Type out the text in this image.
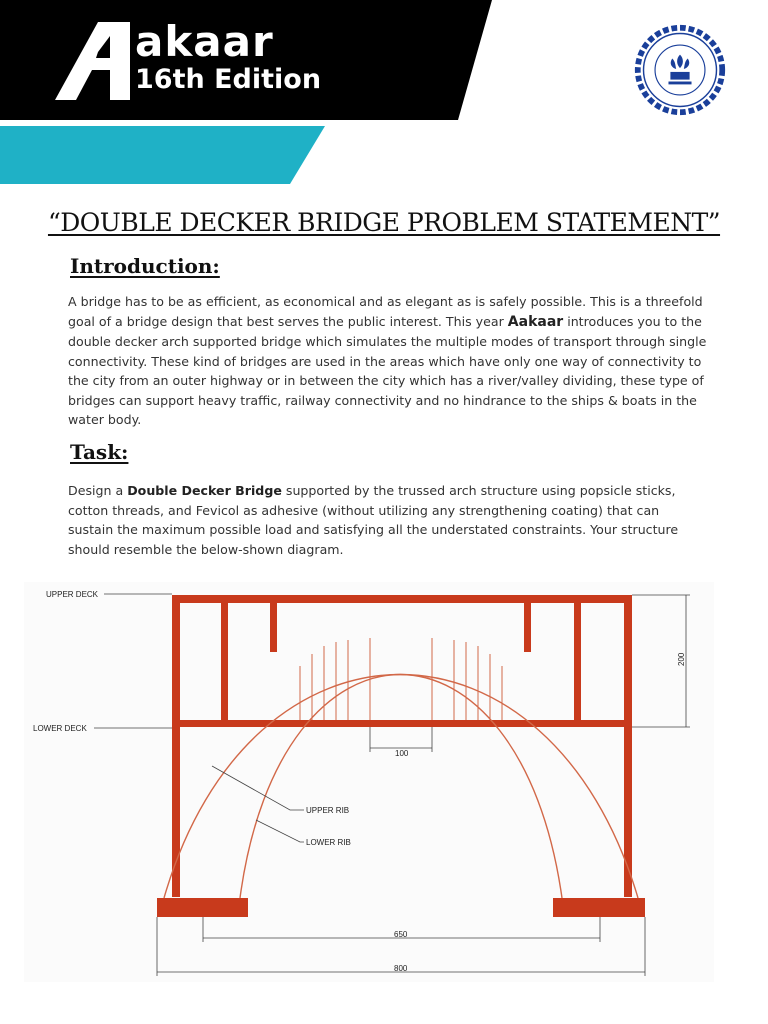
akaar
16th Edition
“DOUBLE DECKER BRIDGE PROBLEM STATEMENT”
Introduction:
A bridge has to be as efficient, as economical and as elegant as is safely possible. This is a threefold goal of a bridge design that best serves the public interest. This year Aakaar introduces you to the double decker arch supported bridge which simulates the multiple modes of transport through single connectivity. These kind of bridges are used in the areas which have only one way of connectivity to the city from an outer highway or in between the city which has a river/valley dividing, these type of bridges can support heavy traffic, railway connectivity and no hindrance to the ships & boats in the water body.
Task:
Design a Double Decker Bridge supported by the trussed arch structure using popsicle sticks, cotton threads, and Fevicol as adhesive (without utilizing any strengthening coating) that can sustain the maximum possible load and satisfying all the understated constraints. Your structure should resemble the below-shown diagram.
UPPER DECK
LOWER DECK
UPPER RIB
LOWER RIB
200
100
650
800
